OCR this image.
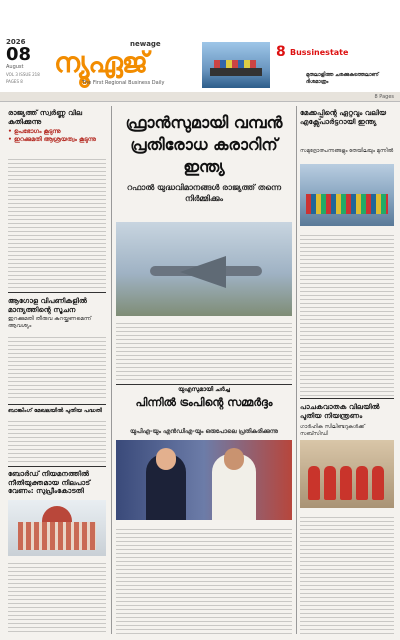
2026
08
August
VOL 3 ISSUE 218
PAGES 8
newage
ന്യൂഏജ്
The First Regional Business Daily
8 Bussinestate
മുതലാളിത്ത ചരക്കുകടത്തലാണ് ദിശമാത്രം
8 Pages
രാജ്യത്ത് സ്വർണ്ണ വില കുതിക്കുന്നു
• ഉപഭോഗം കൂടുന്നു
• ഇറക്കുമതി ആശ്രയത്വം കൂടുന്നു
ആഗോള വിപണികളിൽ മാന്ദ്യത്തിന്റെ സൂചന
ഇറക്കുമതി തീരുവ കുറയ്ക്കണമെന്ന് ആവശ്യം
ബാങ്കിംഗ് മേഖലയിൽ പുതിയ പദ്ധതി
ബോർഡ് നിയമനത്തിൽ നീതിയുക്തമായ നിലപാട് വേണം: സുപ്രീംകോടതി
ഫ്രാൻസുമായി വമ്പൻ പ്രതിരോധ കരാറിന് ഇന്ത്യ
റഫാൽ യുദ്ധവിമാനങ്ങൾ രാജ്യത്ത് തന്നെ നിർമ്മിക്കും
യുഎസുമായി ചർച്ച
പിന്നിൽ ട്രംപിന്റെ സമ്മർദ്ദം
യുപിഎ-യും എൻഡിഎ-യും ഒരുപോലെ പ്രതികരിക്കുന്നു
മേക്കപ്പിന്റെ ഏറ്റവും വലിയ എക്സ്പോർട്ടറായി ഇന്ത്യ
സമുദ്രോത്പന്നങ്ങളും തേയിലയും മുന്നിൽ
പാചകവാതക വിലയിൽ പുതിയ നിയന്ത്രണം
ഗാർഹിക സിലിണ്ടറുകൾക്ക് സബ്സിഡി
